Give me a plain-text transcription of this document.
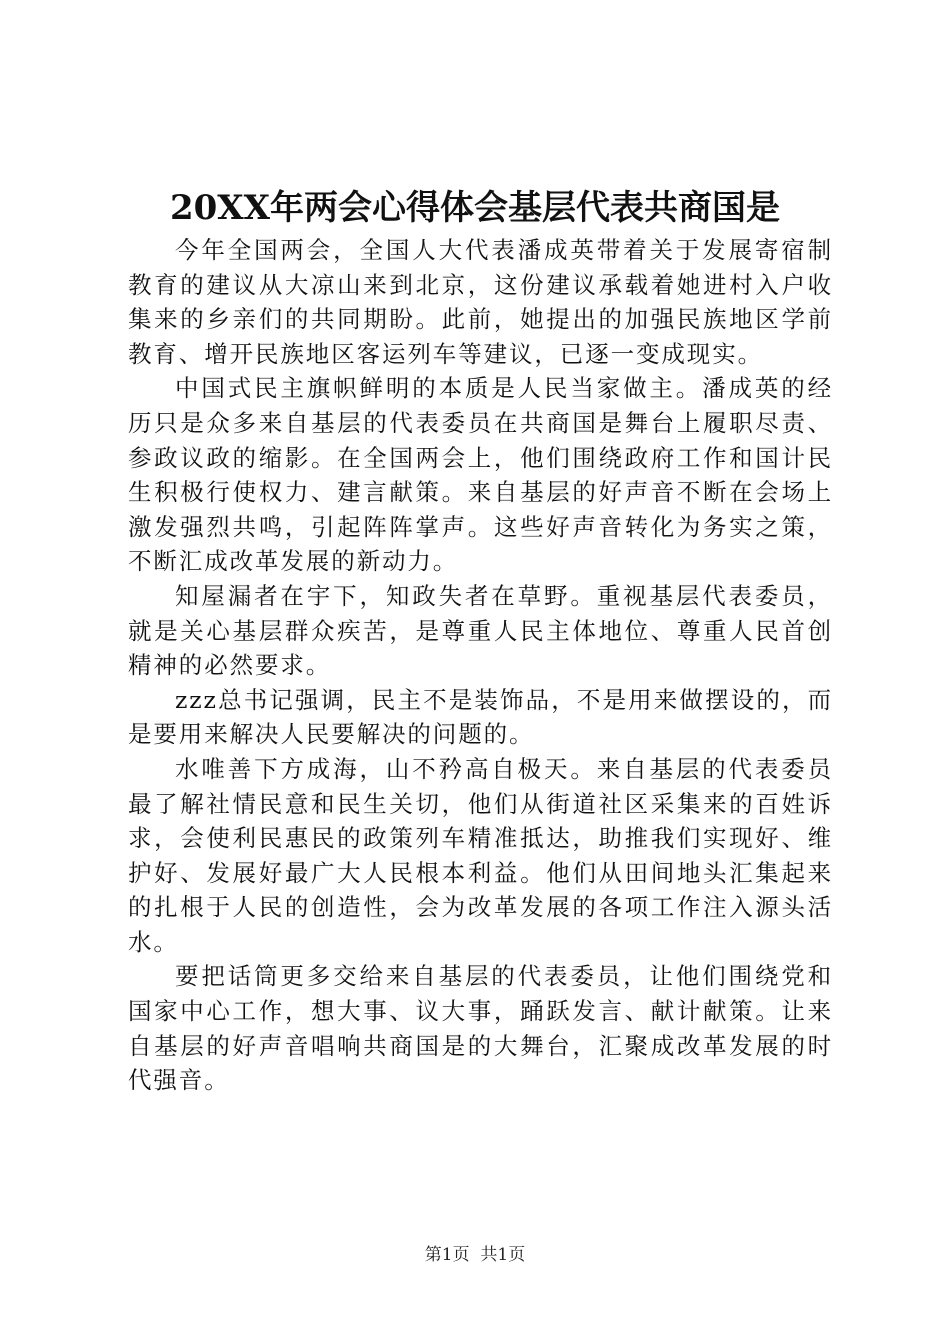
20XX年两会心得体会基层代表共商国是

今年全国两会，全国人大代表潘成英带着关于发展寄宿制教育的建议从大凉山来到北京，这份建议承载着她进村入户收集来的乡亲们的共同期盼。此前，她提出的加强民族地区学前教育、增开民族地区客运列车等建议，已逐一变成现实。

中国式民主旗帜鲜明的本质是人民当家做主。潘成英的经历只是众多来自基层的代表委员在共商国是舞台上履职尽责、参政议政的缩影。在全国两会上，他们围绕政府工作和国计民生积极行使权力、建言献策。来自基层的好声音不断在会场上激发强烈共鸣，引起阵阵掌声。这些好声音转化为务实之策，不断汇成改革发展的新动力。

知屋漏者在宇下，知政失者在草野。重视基层代表委员，就是关心基层群众疾苦，是尊重人民主体地位、尊重人民首创精神的必然要求。

zzz总书记强调，民主不是装饰品，不是用来做摆设的，而是要用来解决人民要解决的问题的。

水唯善下方成海，山不矜高自极天。来自基层的代表委员最了解社情民意和民生关切，他们从街道社区采集来的百姓诉求，会使利民惠民的政策列车精准抵达，助推我们实现好、维护好、发展好最广大人民根本利益。他们从田间地头汇集起来的扎根于人民的创造性，会为改革发展的各项工作注入源头活水。

要把话筒更多交给来自基层的代表委员，让他们围绕党和国家中心工作，想大事、议大事，踊跃发言、献计献策。让来自基层的好声音唱响共商国是的大舞台，汇聚成改革发展的时代强音。

第1页 共1页
